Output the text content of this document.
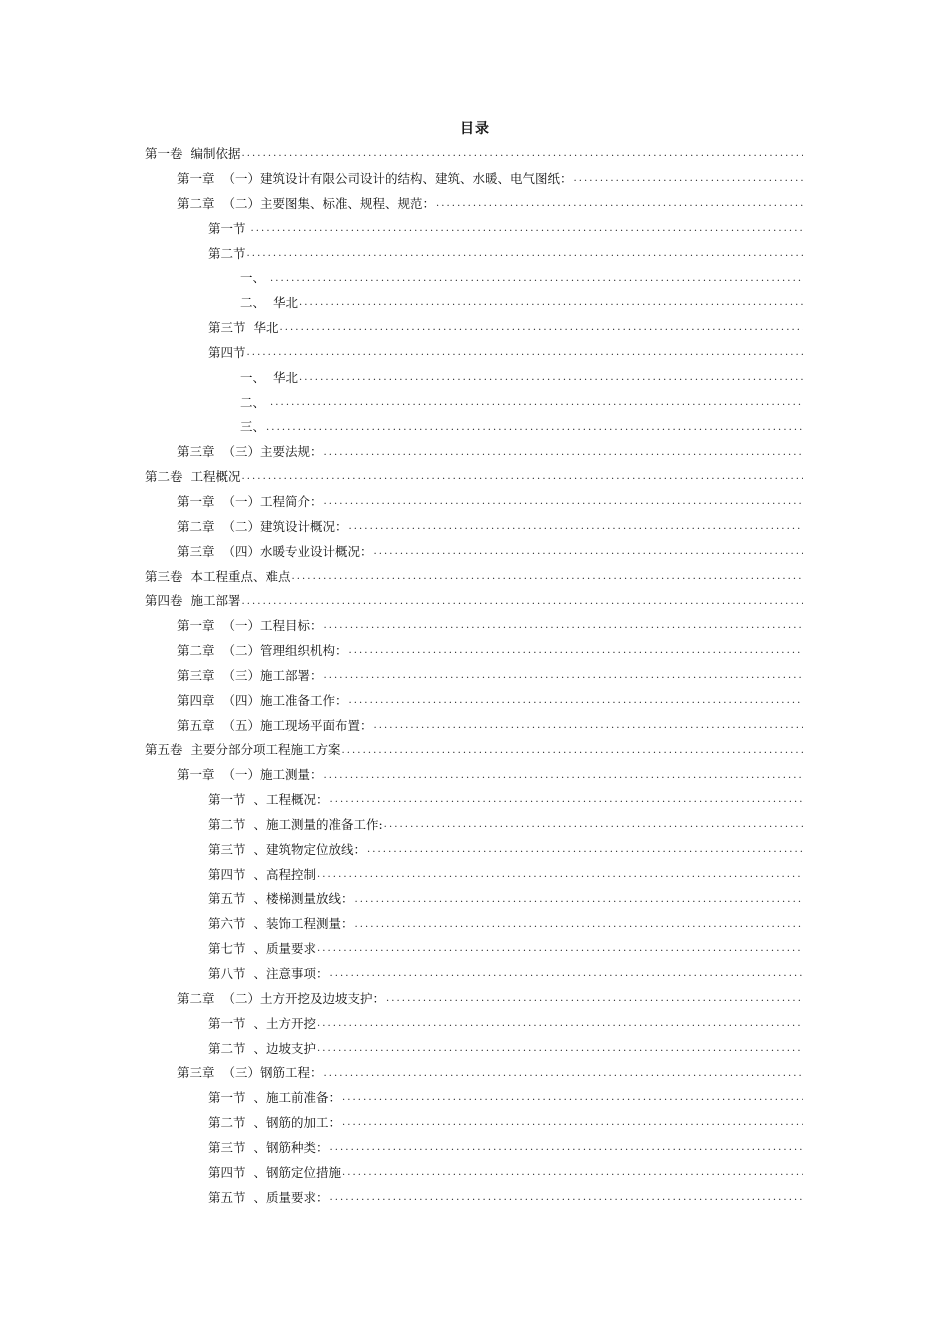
目录
第一卷  编制依据
.....
第一章  （一）建筑设计有限公司设计的结构、建筑、水暖、电气图纸：
.....
第二章  （二）主要图集、标准、规程、规范：
.....
第一节
.....
第二节
.....
一、
.....
二、  华北
.....
第三节  华北
.....
第四节
.....
一、  华北
.....
二、
.....
三、
.....
第三章  （三）主要法规：
.....
第二卷  工程概况
.....
第一章  （一）工程简介：
.....
第二章  （二）建筑设计概况：
.....
第三章  （四）水暖专业设计概况：
.....
第三卷  本工程重点、难点
.....
第四卷  施工部署
.....
第一章  （一）工程目标：
.....
第二章  （二）管理组织机构：
.....
第三章  （三）施工部署：
.....
第四章  （四）施工准备工作：
.....
第五章  （五）施工现场平面布置：
.....
第五卷  主要分部分项工程施工方案
.....
第一章  （一）施工测量：
.....
第一节  、工程概况：
.....
第二节  、施工测量的准备工作:
.....
第三节  、建筑物定位放线：
.....
第四节  、高程控制
.....
第五节  、楼梯测量放线：
.....
第六节  、装饰工程测量：
.....
第七节  、质量要求
.....
第八节  、注意事项：
.....
第二章  （二）土方开挖及边坡支护：
.....
第一节  、土方开挖
.....
第二节  、边坡支护
.....
第三章  （三）钢筋工程：
.....
第一节  、施工前准备：
.....
第二节  、钢筋的加工：
.....
第三节  、钢筋种类：
.....
第四节  、钢筋定位措施
.....
第五节  、质量要求：
.....
